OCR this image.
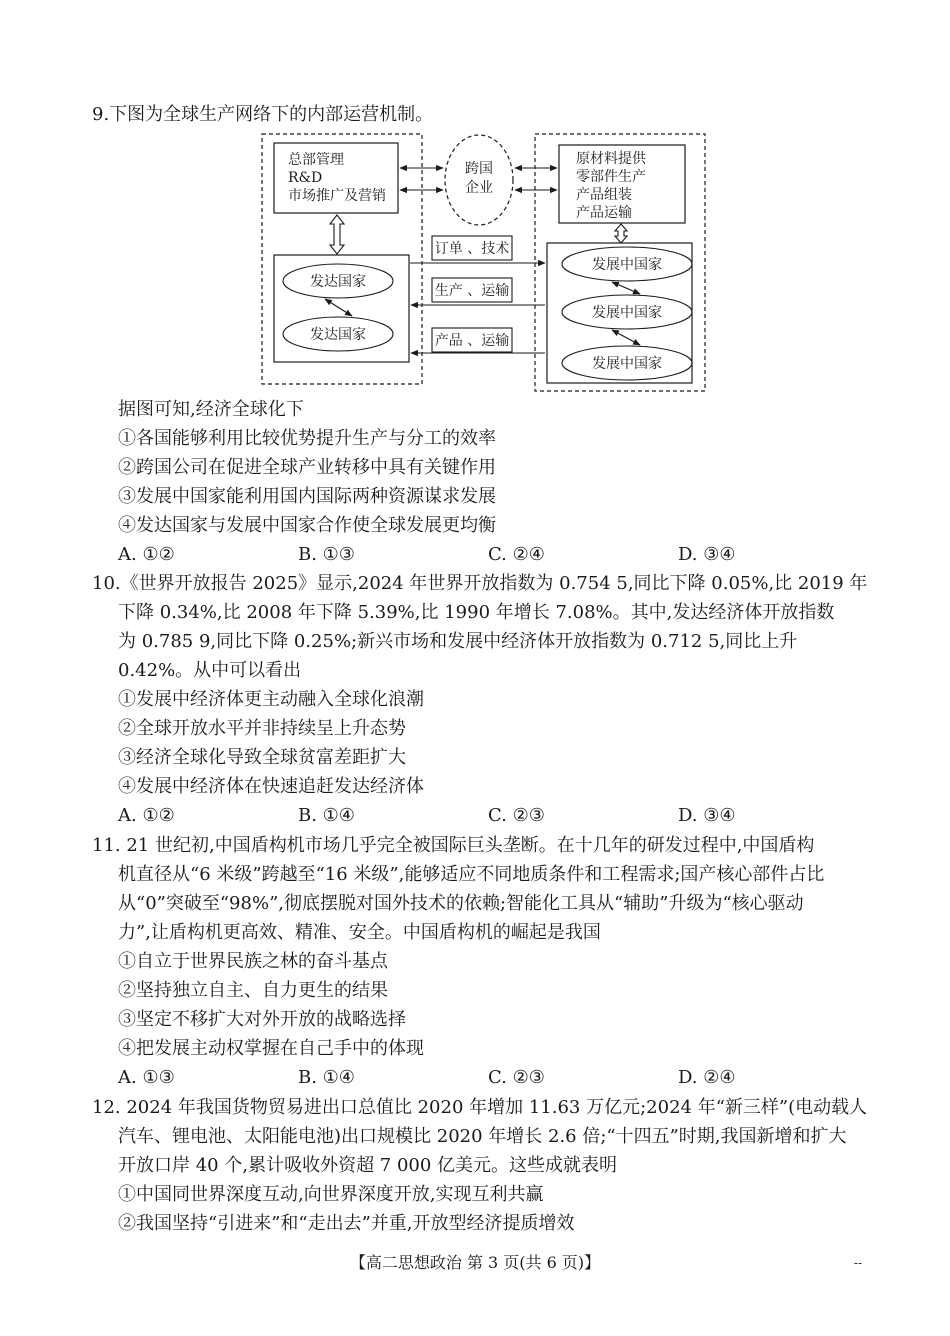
9.下图为全球生产网络下的内部运营机制。
总部管理
R&D
市场推广及营销
跨国
企业
原材料提供
零部件生产
产品组装
产品运输
发达国家
发达国家
发展中国家
发展中国家
发展中国家
订单 、技术
生产 、运输
产品 、运输
据图可知,经济全球化下
①各国能够利用比较优势提升生产与分工的效率
②跨国公司在促进全球产业转移中具有关键作用
③发展中国家能利用国内国际两种资源谋求发展
④发达国家与发展中国家合作使全球发展更均衡
A. ①②	B. ①③	C. ②④	D. ③④
10.《世界开放报告 2025》显示,2024 年世界开放指数为 0.754 5,同比下降 0.05%,比 2019 年
下降 0.34%,比 2008 年下降 5.39%,比 1990 年增长 7.08%。其中,发达经济体开放指数
为 0.785 9,同比下降 0.25%;新兴市场和发展中经济体开放指数为 0.712 5,同比上升
0.42%。从中可以看出
①发展中经济体更主动融入全球化浪潮
②全球开放水平并非持续呈上升态势
③经济全球化导致全球贫富差距扩大
④发展中经济体在快速追赶发达经济体
A. ①②	B. ①④	C. ②③	D. ③④
11. 21 世纪初,中国盾构机市场几乎完全被国际巨头垄断。在十几年的研发过程中,中国盾构
机直径从“6 米级”跨越至“16 米级”,能够适应不同地质条件和工程需求;国产核心部件占比
从“0”突破至“98%”,彻底摆脱对国外技术的依赖;智能化工具从“辅助”升级为“核心驱动
力”,让盾构机更高效、精准、安全。中国盾构机的崛起是我国
①自立于世界民族之林的奋斗基点
②坚持独立自主、自力更生的结果
③坚定不移扩大对外开放的战略选择
④把发展主动权掌握在自己手中的体现
A. ①③	B. ①④	C. ②③	D. ②④
12. 2024 年我国货物贸易进出口总值比 2020 年增加 11.63 万亿元;2024 年“新三样”(电动载人
汽车、锂电池、太阳能电池)出口规模比 2020 年增长 2.6 倍;“十四五”时期,我国新增和扩大
开放口岸 40 个,累计吸收外资超 7 000 亿美元。这些成就表明
①中国同世界深度互动,向世界深度开放,实现互利共赢
②我国坚持“引进来”和“走出去”并重,开放型经济提质增效
【高二思想政治 第 3 页(共 6 页)】	--
